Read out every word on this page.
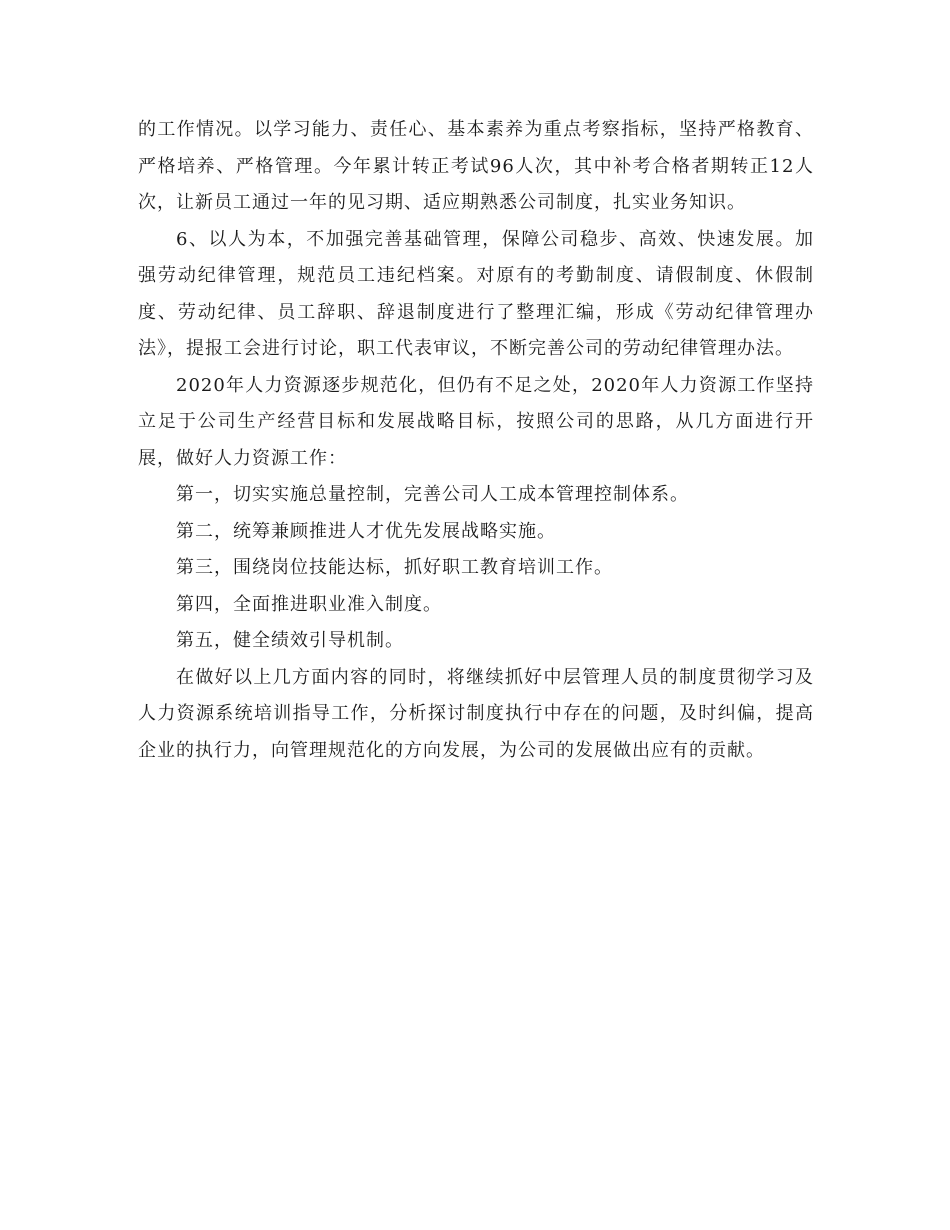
的工作情况。以学习能力、责任心、基本素养为重点考察指标，坚持严格教育、严格培养、严格管理。今年累计转正考试96人次，其中补考合格者期转正12人次，让新员工通过一年的见习期、适应期熟悉公司制度，扎实业务知识。

6、以人为本，不加强完善基础管理，保障公司稳步、高效、快速发展。加强劳动纪律管理，规范员工违纪档案。对原有的考勤制度、请假制度、休假制度、劳动纪律、员工辞职、辞退制度进行了整理汇编，形成《劳动纪律管理办法》，提报工会进行讨论，职工代表审议，不断完善公司的劳动纪律管理办法。

2020年人力资源逐步规范化，但仍有不足之处，2020年人力资源工作坚持立足于公司生产经营目标和发展战略目标，按照公司的思路，从几方面进行开展，做好人力资源工作：

第一，切实实施总量控制，完善公司人工成本管理控制体系。

第二，统筹兼顾推进人才优先发展战略实施。

第三，围绕岗位技能达标，抓好职工教育培训工作。

第四，全面推进职业准入制度。

第五，健全绩效引导机制。

在做好以上几方面内容的同时，将继续抓好中层管理人员的制度贯彻学习及人力资源系统培训指导工作，分析探讨制度执行中存在的问题，及时纠偏，提高企业的执行力，向管理规范化的方向发展，为公司的发展做出应有的贡献。
